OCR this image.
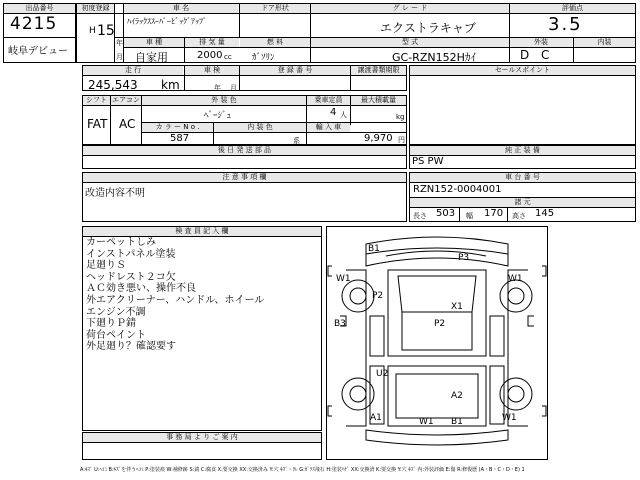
出品番号
4215
岐阜デビュー
初度登録
H 15
年
月
車 名
ﾊｲﾗｯｸｽｽｰﾊﾟｰﾋﾞｯｸﾞｱｯﾌﾟ
ドア形状	グ レ ー ド
エクストラキャブ
評価点
3.5
外装	内装
D C
車 種	排 気 量	燃 料	型 式
自家用	2000 cc ｶﾞｿﾘﾝ	GC-RZN152Hｶｲ
走 行
245,543 km
車 検
年 月
登 録 番 号	譲渡書類期限	セールスポイント
シフト エアコン
FAT AC
外 装 色
ﾍﾞｰｼﾞｭ
乗車定員
4 人
最大積載量
kg
カ ラ ー N o .	内 装 色	輸 入 車
587	系	9,970 円
後 日 発 送 部 品	純 正 装 備
PS PW
注 意 事 項 欄
改造内容不明
車 台 番 号
RZN152-0004001
諸 元
長さ 503 幅 170 高さ 145
検 査 員 記 入 欄
カーペットしみ
インストパネル塗装
足廻りＳ
ヘッドレスト２コ欠
ＡＣ効き悪い、操作不良
外エアクリーナー、ハンドル、ホイール
エンジン不調
下廻りＰ錆
荷台ペイント
外足廻り？確認要す
事 務 局 よ り ご 案 内
B1
P3
W1	W1
P2
X1
B3	P2
U2
A2
A1	W1 B1	W1
A:ｷｽﾞ U:ﾍｺﾐ B:ｷｽﾞを伴うﾍｺﾐ P:塗装痕 W:補修跡 S:錆 C:腐食 X:要交換 XX:交換済み Y:穴 ｷｽﾞ・ﾜﾚ G:ｶﾞﾗｽ飛石 H:塗装ﾊｹﾞ XX:交換済 K:要交換 Y:穴 ｷｽﾞ 内:外装評価 E:傷 R:修復歴 (A・B・C・D・E) 1
